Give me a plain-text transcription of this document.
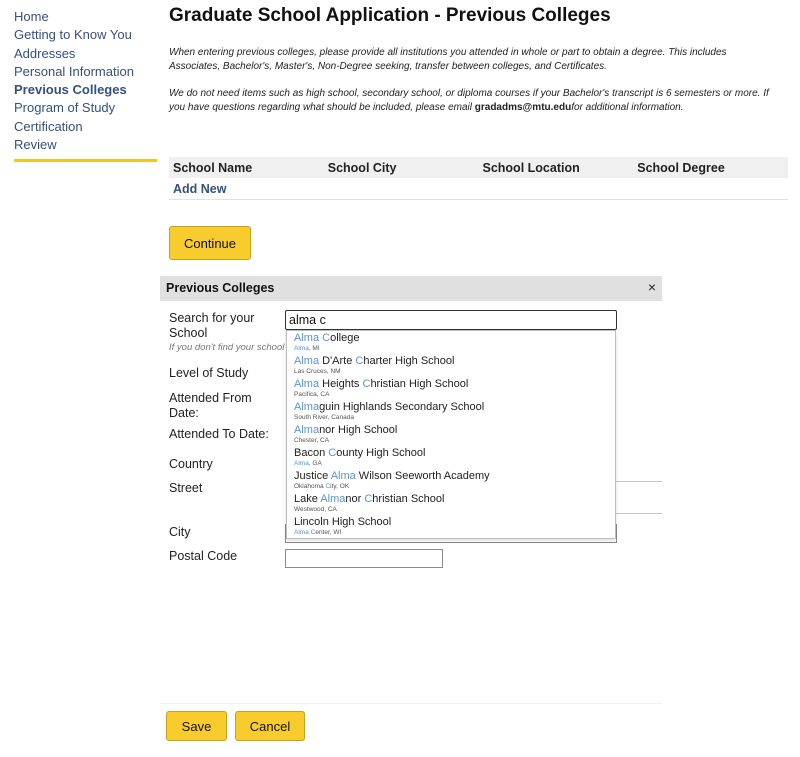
Home
Getting to Know You
Addresses
Personal Information
Previous Colleges
Program of Study
Certification
Review
Graduate School Application - Previous Colleges

When entering previous colleges, please provide all institutions you attended in whole or part to obtain a degree. This includes Associates, Bachelor's, Master's, Non-Degree seeking, transfer between colleges, and Certificates.

We do not need items such as high school, secondary school, or diploma courses if your Bachelor's transcript is 6 semesters or more. If you have questions regarding what should be included, please email gradadms@mtu.edufor additional information.

School Name	School City	School Location	School Degree
Add New
Continue
Previous Colleges	×
Search for your School
If you don't find your school
alma c
Level of Study
Attended From Date:
Attended To Date:
Country
Street
City
Postal Code
Alma College
Alma, MI
Alma D'Arte Charter High School
Las Cruces, NM
Alma Heights Christian High School
Pacifica, CA
Almaguin Highlands Secondary School
South River, Canada
Almanor High School
Chester, CA
Bacon County High School
Alma, GA
Justice Alma Wilson Seeworth Academy
Oklahoma City, OK
Lake Almanor Christian School
Westwood, CA
Lincoln High School
Alma Center, WI
Save	Cancel
